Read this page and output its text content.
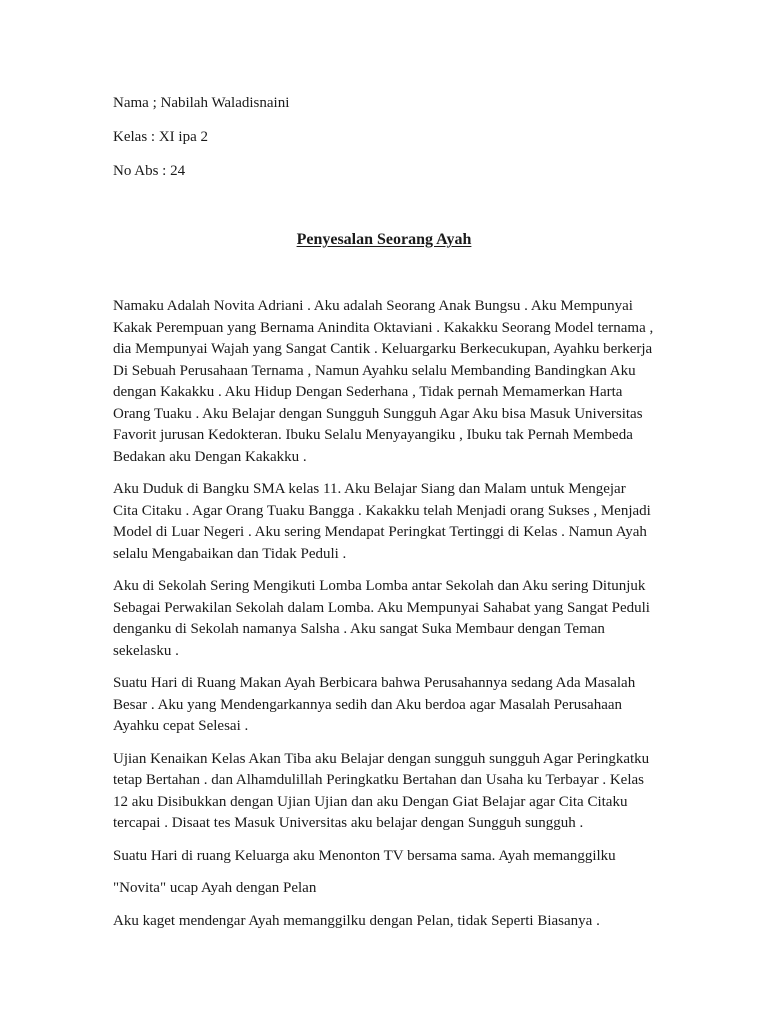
Nama ; Nabilah Waladisnaini

Kelas : XI ipa 2

No Abs : 24

Penyesalan Seorang Ayah

Namaku Adalah Novita Adriani . Aku adalah Seorang Anak Bungsu . Aku Mempunyai
Kakak Perempuan yang Bernama Anindita Oktaviani . Kakakku Seorang Model ternama ,
dia Mempunyai Wajah yang Sangat Cantik . Keluargarku Berkecukupan, Ayahku berkerja
Di Sebuah Perusahaan Ternama , Namun Ayahku selalu Membanding Bandingkan Aku
dengan Kakakku . Aku Hidup Dengan Sederhana , Tidak pernah Memamerkan Harta
Orang Tuaku . Aku Belajar dengan Sungguh Sungguh Agar Aku bisa Masuk Universitas
Favorit jurusan Kedokteran. Ibuku Selalu Menyayangiku , Ibuku tak Pernah Membeda
Bedakan aku Dengan Kakakku .

Aku Duduk di Bangku SMA kelas 11. Aku Belajar Siang dan Malam untuk Mengejar
Cita Citaku . Agar Orang Tuaku Bangga . Kakakku telah Menjadi orang Sukses , Menjadi
Model di Luar Negeri . Aku sering Mendapat Peringkat Tertinggi di Kelas . Namun Ayah
selalu Mengabaikan dan Tidak Peduli .

Aku di Sekolah Sering Mengikuti Lomba Lomba antar Sekolah dan Aku sering Ditunjuk
Sebagai Perwakilan Sekolah dalam Lomba. Aku Mempunyai Sahabat yang Sangat Peduli
denganku di Sekolah namanya Salsha . Aku sangat Suka Membaur dengan Teman
sekelasku .

Suatu Hari di Ruang Makan Ayah Berbicara bahwa Perusahannya sedang Ada Masalah
Besar . Aku yang Mendengarkannya sedih dan Aku berdoa agar Masalah Perusahaan
Ayahku cepat Selesai .

Ujian Kenaikan Kelas Akan Tiba aku Belajar dengan sungguh sungguh Agar Peringkatku
tetap Bertahan . dan Alhamdulillah Peringkatku Bertahan dan Usaha ku Terbayar . Kelas
12 aku Disibukkan dengan Ujian Ujian dan aku Dengan Giat Belajar agar Cita Citaku
tercapai . Disaat tes Masuk Universitas aku belajar dengan Sungguh sungguh .

Suatu Hari di ruang Keluarga aku Menonton TV bersama sama. Ayah memanggilku

"Novita" ucap Ayah dengan Pelan

Aku kaget mendengar Ayah memanggilku dengan Pelan, tidak Seperti Biasanya .
